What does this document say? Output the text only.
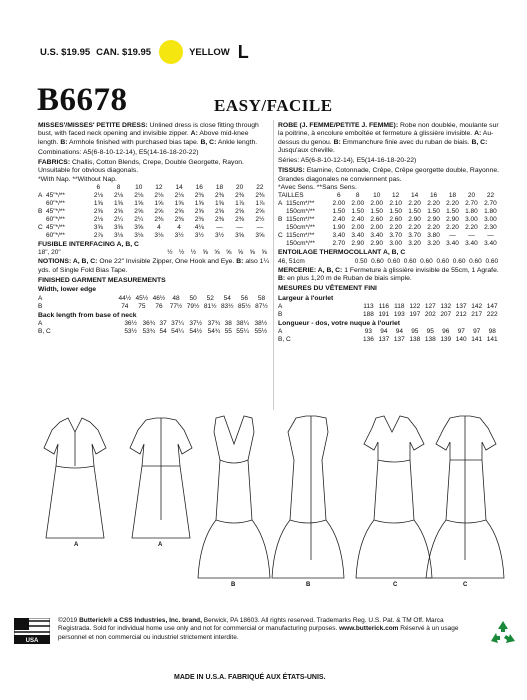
U.S. $19.95 CAN. $19.95	YELLOW L
B6678	EASY/FACILE

MISSES'/MISSES' PETITE DRESS: Unlined dress is close fitting through bust, with faced neck opening and invisible zipper. A: Above mid-knee length. B: Armhole finished with purchased bias tape. B, C: Ankle length.

Combinations: A5(6-8-10-12-14), E5(14-16-18-20-22)

FABRICS: Challis, Cotton Blends, Crepe, Double Georgette, Rayon.
Unsuitable for obvious diagonals.
*With Nap. **Without Nap.
		6	8	10	12	14	16	18	20	22
A	45"*/**	2⅛	2⅛	2⅛	2⅛	2⅛	2⅜	2⅜	2⅜	2⅜
	60"*/**	1⅝	1⅝	1⅝	1⅝	1⅝	1⅝	1⅝	1⅞	1⅞
B	45"*/**	2⅝	2⅝	2⅝	2⅝	2⅝	2⅝	2⅝	2⅝	2⅝
	60"*/**	2⅛	2¼	2¼	2⅜	2⅜	2⅜	2⅜	2⅜	2½
C	45"*/**	3⅝	3⅝	3⅝	4	4	4⅛	—	—	—
	60"*/**	2⅞	3⅛	3⅛	3⅛	3½	3½	3½	3⅝	3⅝
FUSIBLE INTERFACING A, B, C
18", 20"	½	½	½	⅝	⅝	⅝	⅝	⅝	⅝

NOTIONS: A, B, C: One 22" Invisible Zipper, One Hook and Eye. B: also 1¼ yds. of Single Fold Bias Tape.

FINISHED GARMENT MEASUREMENTS
Width, lower edge
A	44½	45½	46½	48	50	52	54	56	58
B	74	75	76	77½	79½	81½	83½	85½	87½
Back length from base of neck
A	36½	36¾	37	37¼	37½	37¾	38	38¼	38½
B, C	53½	53¾	54	54¼	54½	54¾	55	55¼	55½

ROBE (J. FEMME/PETITE J. FEMME): Robe non doublée, moulante sur la poitrine, à encolure emboîtée et fermeture à glissière invisible. A: Au-dessus du genou. B: Emmanchure finie avec du ruban de biais. B, C: Jusqu'aux cheville.

Séries: A5(6-8-10-12-14), E5(14-16-18-20-22)

TISSUS: Etamine, Cotonnade, Crêpe, Crêpe georgette double, Rayonne.
Grandes diagonales ne conviennent pas.
*Avec Sens. **Sans Sens.
TAILLES		6	8	10	12	14	16	18	20	22
A	115cm*/**	2.00	2.00	2.00	2.10	2.20	2.20	2.20	2.70	2.70
	150cm*/**	1.50	1.50	1.50	1.50	1.50	1.50	1.50	1.80	1.80
B	115cm*/**	2.40	2.40	2.60	2.60	2.90	2.90	2.90	3.00	3.00
	150cm*/**	1.90	2.00	2.00	2.20	2.20	2.20	2.20	2.20	2.30
C	115cm*/**	3.40	3.40	3.40	3.70	3.70	3.80	—	—	—
	150cm*/**	2.70	2.90	2.90	3.00	3.20	3.20	3.40	3.40	3.40
ENTOILAGE THERMOCOLLANT A, B, C
46, 51cm	0.50	0.60	0.60	0.60	0.60	0.60	0.60	0.60	0.60

MERCERIE: A, B, C: 1 Fermeture à glissière invisible de 55cm, 1 Agrafe. B: en plus 1,20 m de Ruban de biais simple.

MESURES DU VÊTEMENT FINI
Largeur à l'ourlet
A	113	116	118	122	127	132	137	142	147
B	188	191	193	197	202	207	212	217	222
Longueur - dos, votre nuque à l'ourlet
A	93	94	94	95	95	96	97	97	98
B, C	136	137	137	138	138	139	140	141	141
A	A
B	B	C	C
USA
©2019 Butterick® a CSS Industries, Inc. brand, Berwick, PA 18603. All rights reserved. Trademarks Reg. U.S. Pat. & TM Off. Marca Registrada. Sold for individual home use only and not for commercial or manufacturing purposes. www.butterick.com Réservé à un usage personnel et non commercial ou industriel strictement interdite.
MADE IN U.S.A. FABRIQUÉ AUX ÉTATS-UNIS.
